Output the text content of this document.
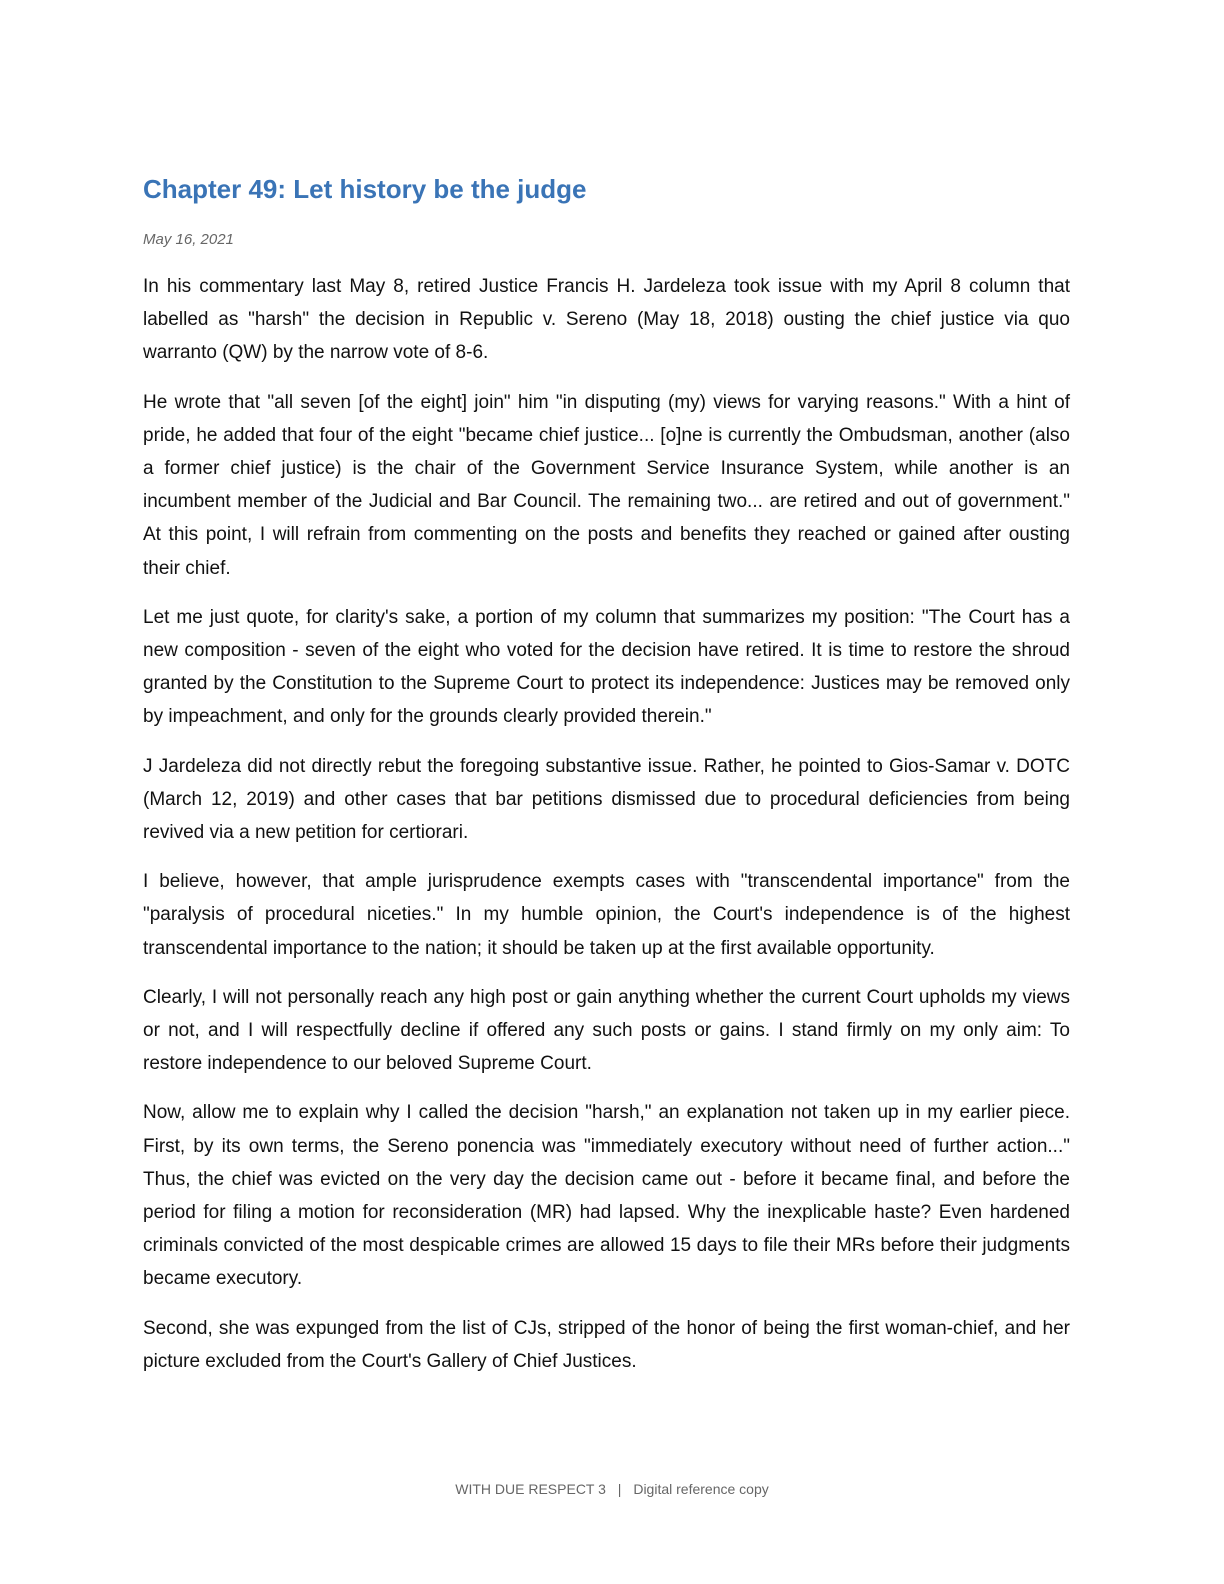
Chapter 49: Let history be the judge
May 16, 2021

In his commentary last May 8, retired Justice Francis H. Jardeleza took issue with my April 8 column that labelled as "harsh" the decision in Republic v. Sereno (May 18, 2018) ousting the chief justice via quo warranto (QW) by the narrow vote of 8-6.

He wrote that "all seven [of the eight] join" him "in disputing (my) views for varying reasons." With a hint of pride, he added that four of the eight "became chief justice... [o]ne is currently the Ombudsman, another (also a former chief justice) is the chair of the Government Service Insurance System, while another is an incumbent member of the Judicial and Bar Council. The remaining two... are retired and out of government." At this point, I will refrain from commenting on the posts and benefits they reached or gained after ousting their chief.

Let me just quote, for clarity's sake, a portion of my column that summarizes my position: "The Court has a new composition - seven of the eight who voted for the decision have retired. It is time to restore the shroud granted by the Constitution to the Supreme Court to protect its independence: Justices may be removed only by impeachment, and only for the grounds clearly provided therein."

J Jardeleza did not directly rebut the foregoing substantive issue. Rather, he pointed to Gios-Samar v. DOTC (March 12, 2019) and other cases that bar petitions dismissed due to procedural deficiencies from being revived via a new petition for certiorari.

I believe, however, that ample jurisprudence exempts cases with "transcendental importance" from the "paralysis of procedural niceties." In my humble opinion, the Court's independence is of the highest transcendental importance to the nation; it should be taken up at the first available opportunity.

Clearly, I will not personally reach any high post or gain anything whether the current Court upholds my views or not, and I will respectfully decline if offered any such posts or gains. I stand firmly on my only aim: To restore independence to our beloved Supreme Court.

Now, allow me to explain why I called the decision "harsh," an explanation not taken up in my earlier piece. First, by its own terms, the Sereno ponencia was "immediately executory without need of further action..." Thus, the chief was evicted on the very day the decision came out - before it became final, and before the period for filing a motion for reconsideration (MR) had lapsed. Why the inexplicable haste? Even hardened criminals convicted of the most despicable crimes are allowed 15 days to file their MRs before their judgments became executory.

Second, she was expunged from the list of CJs, stripped of the honor of being the first woman-chief, and her picture excluded from the Court's Gallery of Chief Justices.

WITH DUE RESPECT 3 | Digital reference copy
